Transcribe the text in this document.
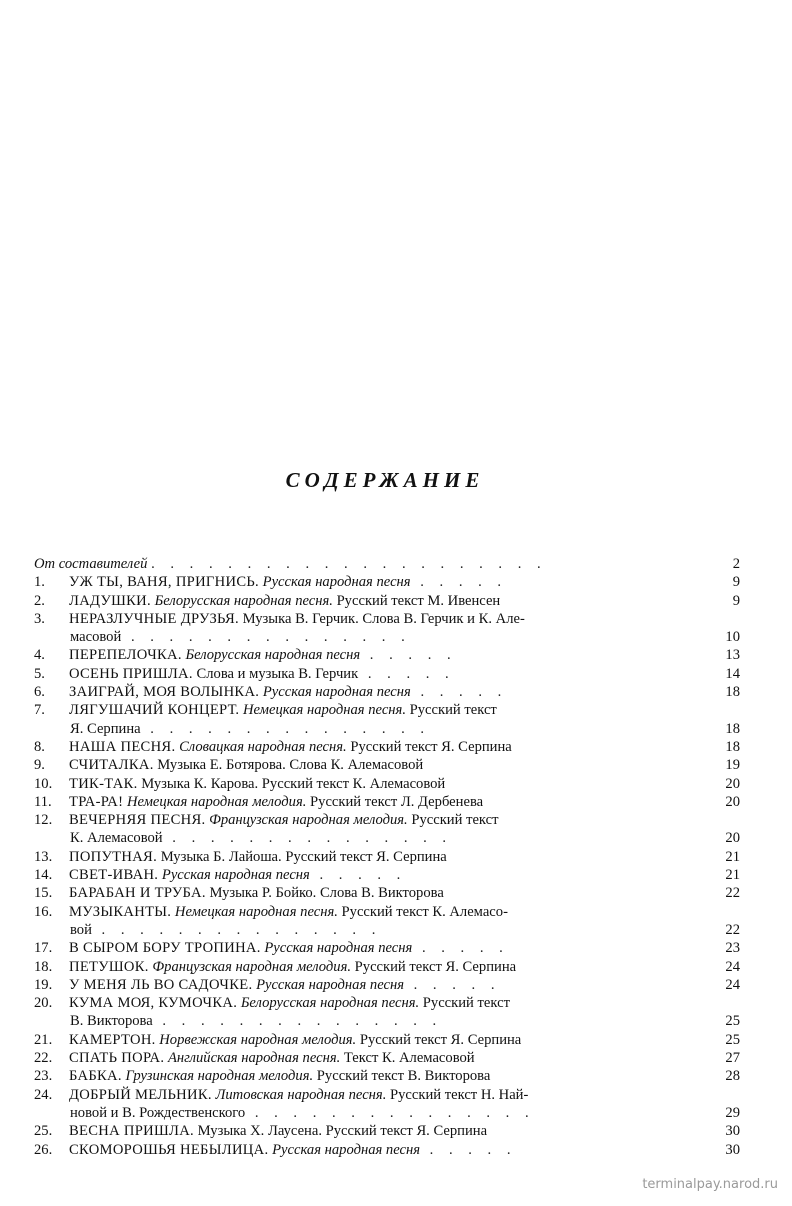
СОДЕРЖАНИЕ
От составителей . . . . . . . . . . . . . . . . . . . . .	2
1. УЖ ТЫ, ВАНЯ, ПРИГНИСЬ. Русская народная песня . . . . .	9
2. ЛАДУШКИ. Белорусская народная песня. Русский текст М. Ивенсен	9
3. НЕРАЗЛУЧНЫЕ ДРУЗЬЯ. Музыка В. Герчик. Слова В. Герчик и К. Але-
масовой . . . . . . . . . . . . . . .	10
4. ПЕРЕПЕЛОЧКА. Белорусская народная песня . . . . .	13
5. ОСЕНЬ ПРИШЛА. Слова и музыка В. Герчик . . . . .	14
6. ЗАИГРАЙ, МОЯ ВОЛЫНКА. Русская народная песня . . . . .	18
7. ЛЯГУШАЧИЙ КОНЦЕРТ. Немецкая народная песня. Русский текст
Я. Серпина . . . . . . . . . . . . . . .	18
8. НАША ПЕСНЯ. Словацкая народная песня. Русский текст Я. Серпина	18
9. СЧИТАЛКА. Музыка Е. Ботярова. Слова К. Алемасовой	19
10. ТИК-ТАК. Музыка К. Карова. Русский текст К. Алемасовой	20
11. ТРА-РА! Немецкая народная мелодия. Русский текст Л. Дербенева	20
12. ВЕЧЕРНЯЯ ПЕСНЯ. Французская народная мелодия. Русский текст
К. Алемасовой . . . . . . . . . . . . . . .	20
13. ПОПУТНАЯ. Музыка Б. Лайоша. Русский текст Я. Серпина	21
14. СВЕТ-ИВАН. Русская народная песня . . . . .	21
15. БАРАБАН И ТРУБА. Музыка Р. Бойко. Слова В. Викторова	22
16. МУЗЫКАНТЫ. Немецкая народная песня. Русский текст К. Алемасо-
вой . . . . . . . . . . . . . . .	22
17. В СЫРОМ БОРУ ТРОПИНА. Русская народная песня . . . . .	23
18. ПЕТУШОК. Французская народная мелодия. Русский текст Я. Серпина	24
19. У МЕНЯ ЛЬ ВО САДОЧКЕ. Русская народная песня . . . . .	24
20. КУМА МОЯ, КУМОЧКА. Белорусская народная песня. Русский текст
В. Викторова . . . . . . . . . . . . . . .	25
21. КАМЕРТОН. Норвежская народная мелодия. Русский текст Я. Серпина	25
22. СПАТЬ ПОРА. Английская народная песня. Текст К. Алемасовой	27
23. БАБКА. Грузинская народная мелодия. Русский текст В. Викторова	28
24. ДОБРЫЙ МЕЛЬНИК. Литовская народная песня. Русский текст Н. Най-
новой и В. Рождественского . . . . . . . . . . . . . . .	29
25. ВЕСНА ПРИШЛА. Музыка Х. Лаусена. Русский текст Я. Серпина	30
26. СКОМОРОШЬЯ НЕБЫЛИЦА. Русская народная песня . . . . .	30
terminalpay.narod.ru
